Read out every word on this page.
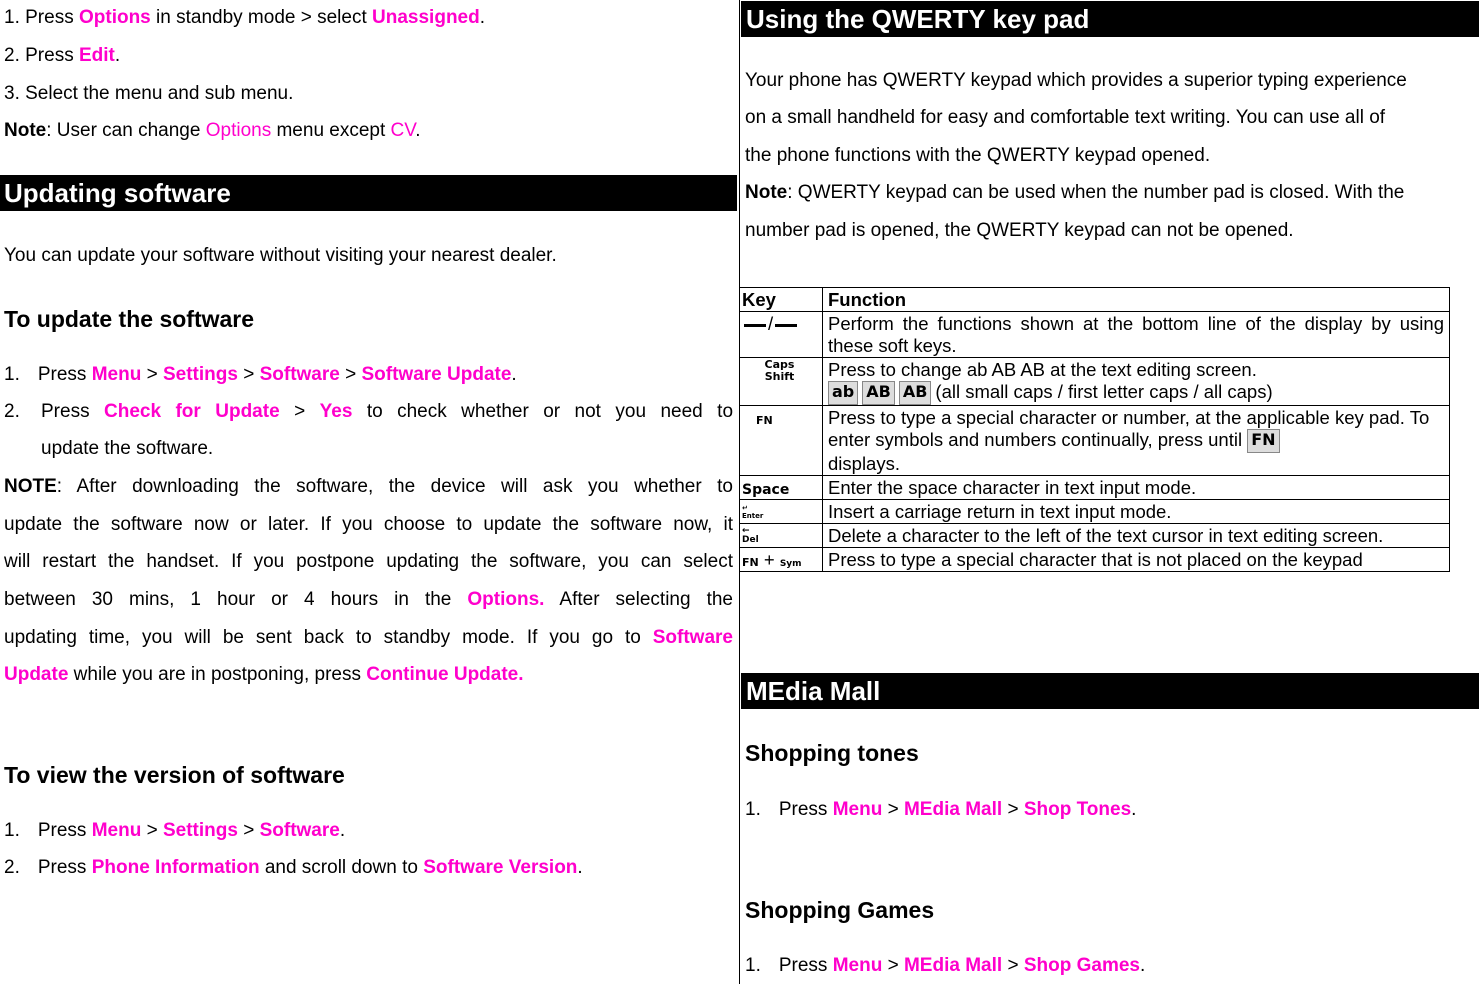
1. Press Options in standby mode > select Unassigned.
2. Press Edit.
3. Select the menu and sub menu.
Note: User can change Options menu except CV.
Updating software
You can update your software without visiting your nearest dealer.
To update the software
1. Press Menu > Settings > Software > Software Update.
2. Press Check for Update > Yes to check whether or not you need to
update the software.
NOTE: After downloading the software, the device will ask you whether to
update the software now or later. If you choose to update the software now, it
will restart the handset. If you postpone updating the software, you can select
between 30 mins, 1 hour or 4 hours in the Options. After selecting the
updating time, you will be sent back to standby mode. If you go to Software
Update while you are in postponing, press Continue Update.
To view the version of software
1. Press Menu > Settings > Software.
2. Press Phone Information and scroll down to Software Version.
Using the QWERTY key pad
Your phone has QWERTY keypad which provides a superior typing experience
on a small handheld for easy and comfortable text writing. You can use all of
the phone functions with the QWERTY keypad opened.
Note: QWERTY keypad can be used when the number pad is closed. With the
number pad is opened, the QWERTY keypad can not be opened.
Key	Function
/	Perform the functions shown at the bottom line of the display by using these soft keys.
Caps
Shift	Press to change ab AB AB at the text editing screen.
ab AB AB (all small caps / first letter caps / all caps)
FN	Press to type a special character or number, at the applicable key pad. To enter symbols and numbers continually, press until FN
displays.
Space	Enter the space character in text input mode.
↵
Enter	Insert a carriage return in text input mode.
←
Del	Delete a character to the left of the text cursor in text editing screen.
FN + Sym	Press to type a special character that is not placed on the keypad
MEdia Mall
Shopping tones
1. Press Menu > MEdia Mall > Shop Tones.
Shopping Games
1. Press Menu > MEdia Mall > Shop Games.
